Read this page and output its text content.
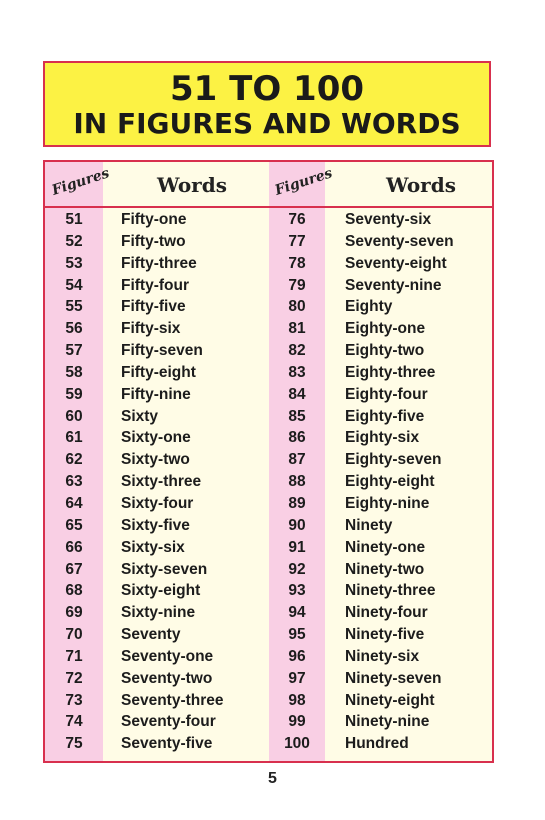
51 TO 100
IN FIGURES AND WORDS
Figures Words	Figures	Words
51	Fifty-one	76	Seventy-six
52	Fifty-two	77	Seventy-seven
53	Fifty-three	78	Seventy-eight
54	Fifty-four	79	Seventy-nine
55	Fifty-five	80	Eighty
56	Fifty-six	81	Eighty-one
57	Fifty-seven	82	Eighty-two
58	Fifty-eight	83	Eighty-three
59	Fifty-nine	84	Eighty-four
60	Sixty	85	Eighty-five
61	Sixty-one	86	Eighty-six
62	Sixty-two	87	Eighty-seven
63	Sixty-three	88	Eighty-eight
64	Sixty-four	89	Eighty-nine
65	Sixty-five	90	Ninety
66	Sixty-six	91	Ninety-one
67	Sixty-seven	92	Ninety-two
68	Sixty-eight	93	Ninety-three
69	Sixty-nine	94	Ninety-four
70	Seventy	95	Ninety-five
71	Seventy-one	96	Ninety-six
72	Seventy-two	97	Ninety-seven
73	Seventy-three	98	Ninety-eight
74	Seventy-four	99	Ninety-nine
75	Seventy-five	100	Hundred
5
